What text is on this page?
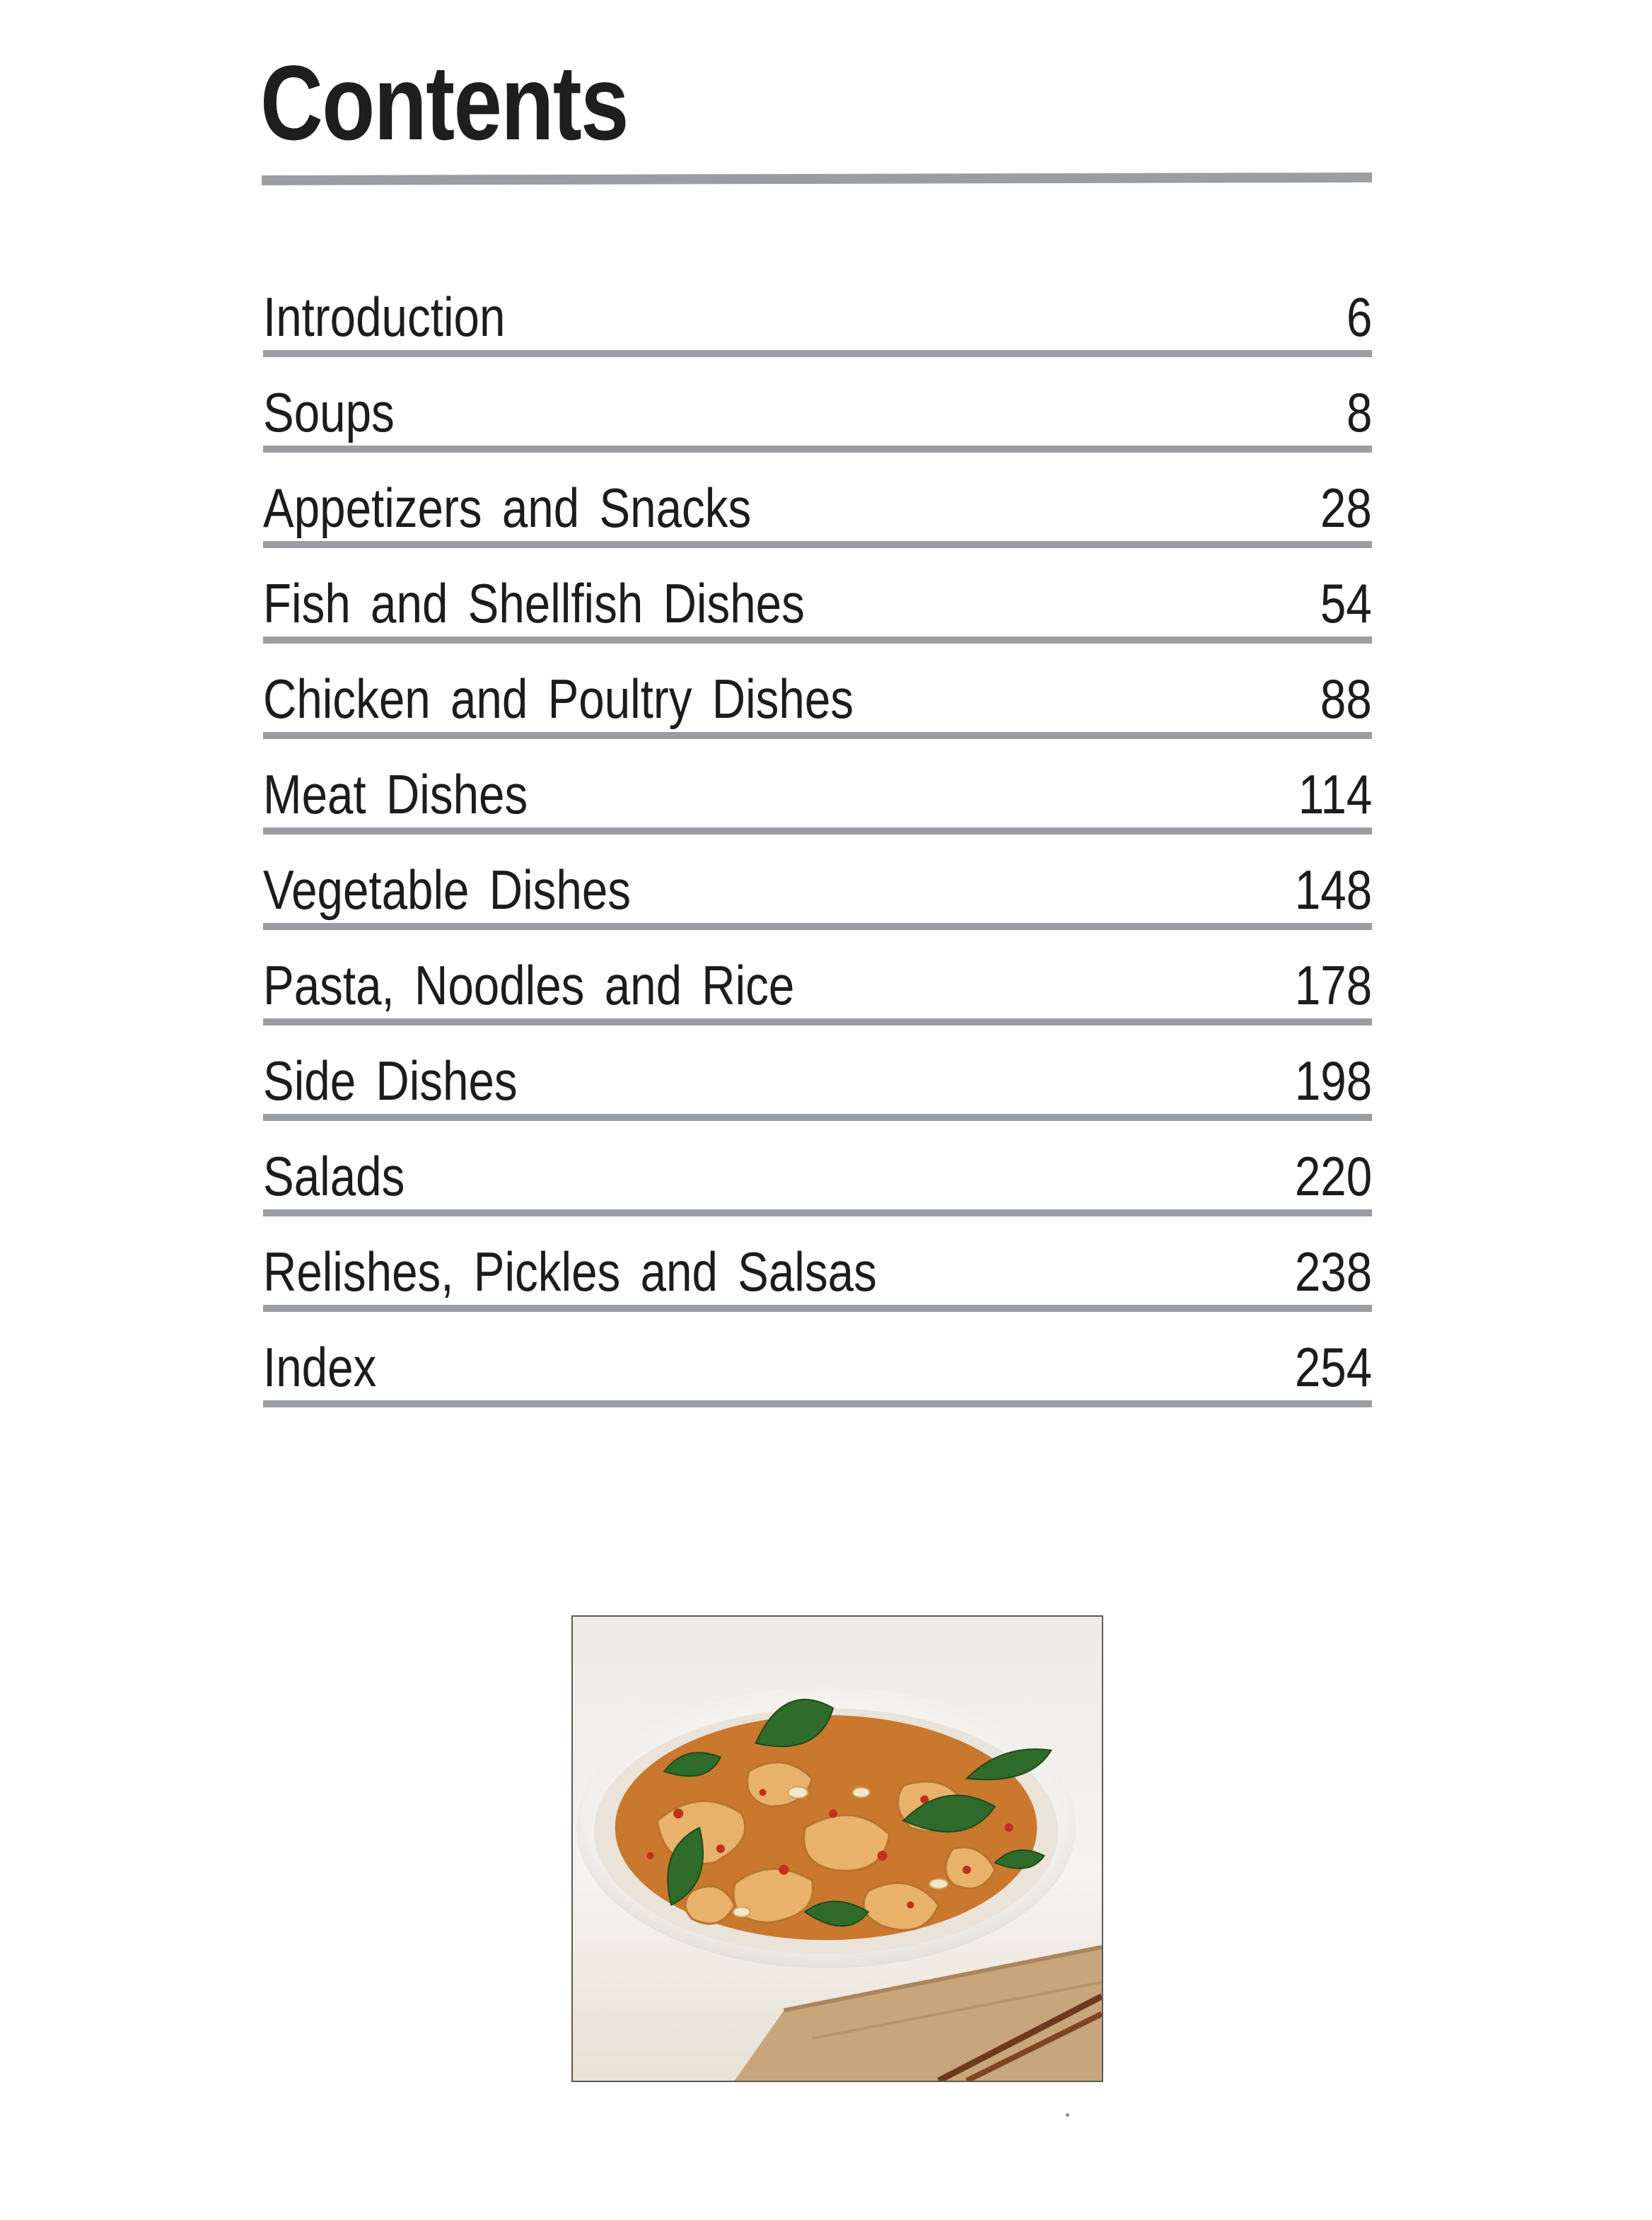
Contents
Introduction	6
Soups	8
Appetizers and Snacks	28
Fish and Shellfish Dishes	54
Chicken and Poultry Dishes	88
Meat Dishes	114
Vegetable Dishes	148
Pasta, Noodles and Rice	178
Side Dishes	198
Salads	220
Relishes, Pickles and Salsas	238
Index	254
